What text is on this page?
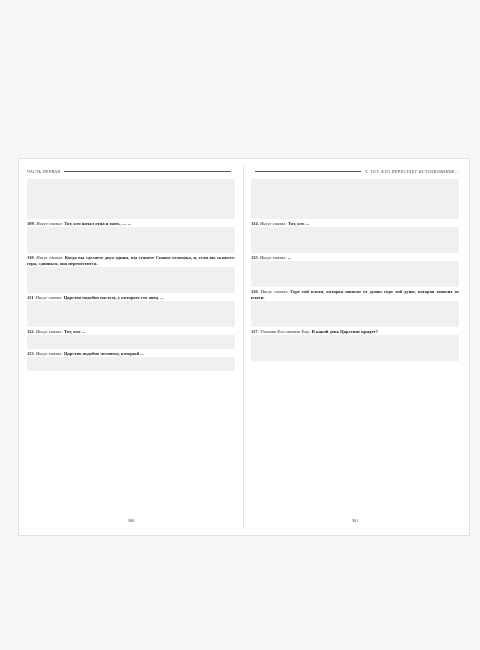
ЧАСТЬ ПЕРВАЯ

109. Иисус сказал: Тот, кто начал отца и мать, — ...

110. Иисус сказал: Когда вы сделаете двух одним, вы станете Сыном человека, и, если вы скажете: гора, сдвинься, она переместится.

111. Иисус сказал: Царство подобно пастуху, у которого сто овец. ...

112. Иисус сказал: Тот, кто ...

113. Иисус сказал: Царство подобно человеку, который ...

360
V. ТОТ, КТО ПЕРЕСТАЕТ ИСТОЛКОВАНИЕ…

114. Иисус сказал: Тот, кто ...

115. Иисус сказал: ...

116. Иисус сказал: Горе той плоти, которая зависит от души; горе той душе, которая зависит от плоти.

117. Ученики Его сказали Ему: В какой день Царствие придет?

361
